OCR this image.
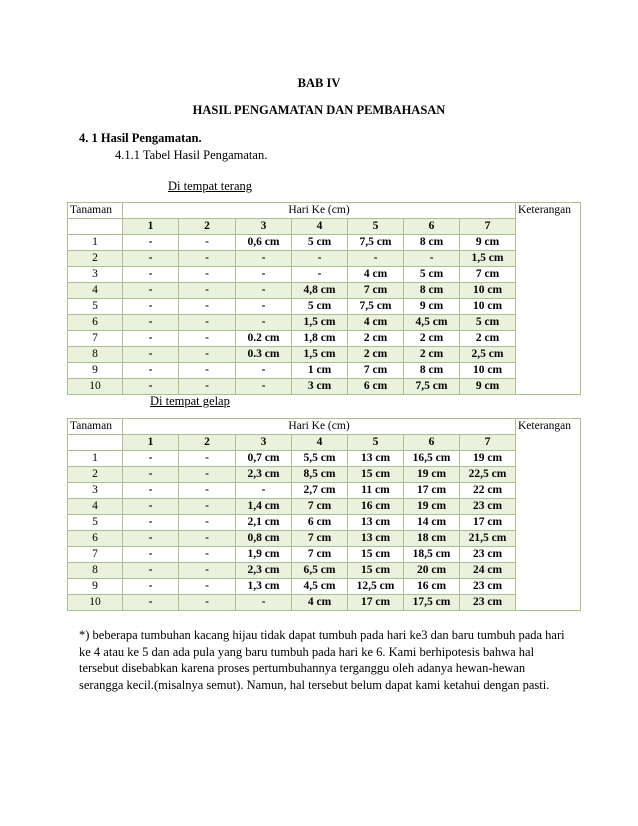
BAB IV
HASIL PENGAMATAN DAN PEMBAHASAN
4. 1 Hasil Pengamatan.
4.1.1 Tabel Hasil Pengamatan.
Di tempat terang
Tanaman	Hari Ke (cm)							Keterangan
	1	2	3	4	5	6	7	
1	-	-	0,6 cm	5 cm	7,5 cm	8 cm	9 cm	
2	-	-	-	-	-	-	1,5 cm	
3	-	-	-	-	4 cm	5 cm	7 cm	
4	-	-	-	4,8 cm	7 cm	8 cm	10 cm	
5	-	-	-	5 cm	7,5 cm	9 cm	10 cm	
6	-	-	-	1,5 cm	4 cm	4,5 cm	5 cm	
7	-	-	0.2 cm	1,8 cm	2 cm	2 cm	2 cm	
8	-	-	0.3 cm	1,5 cm	2 cm	2 cm	2,5 cm	
9	-	-	-	1 cm	7 cm	8 cm	10 cm	
10	-	-	-	3 cm	6 cm	7,5 cm	9 cm	
Di tempat gelap
Tanaman	Hari Ke (cm)							Keterangan
	1	2	3	4	5	6	7	
1	-	-	0,7 cm	5,5 cm	13 cm	16,5 cm	19 cm	
2	-	-	2,3 cm	8,5 cm	15 cm	19 cm	22,5 cm	
3	-	-	-	2,7 cm	11 cm	17 cm	22 cm	
4	-	-	1,4 cm	7 cm	16 cm	19 cm	23 cm	
5	-	-	2,1 cm	6 cm	13 cm	14 cm	17 cm	
6	-	-	0,8 cm	7 cm	13 cm	18 cm	21,5 cm	
7	-	-	1,9 cm	7 cm	15 cm	18,5 cm	23 cm	
8	-	-	2,3 cm	6,5 cm	15 cm	20 cm	24 cm	
9	-	-	1,3 cm	4,5 cm	12,5 cm	16 cm	23 cm	
10	-	-	-	4 cm	17 cm	17,5 cm	23 cm	
*) beberapa tumbuhan kacang hijau tidak dapat tumbuh pada hari ke3 dan baru tumbuh pada hari
ke 4 atau ke 5 dan ada pula yang baru tumbuh pada hari ke 6. Kami berhipotesis bahwa hal
tersebut disebabkan karena proses pertumbuhannya terganggu oleh adanya hewan-hewan
serangga kecil.(misalnya semut). Namun, hal tersebut belum dapat kami ketahui dengan pasti.
